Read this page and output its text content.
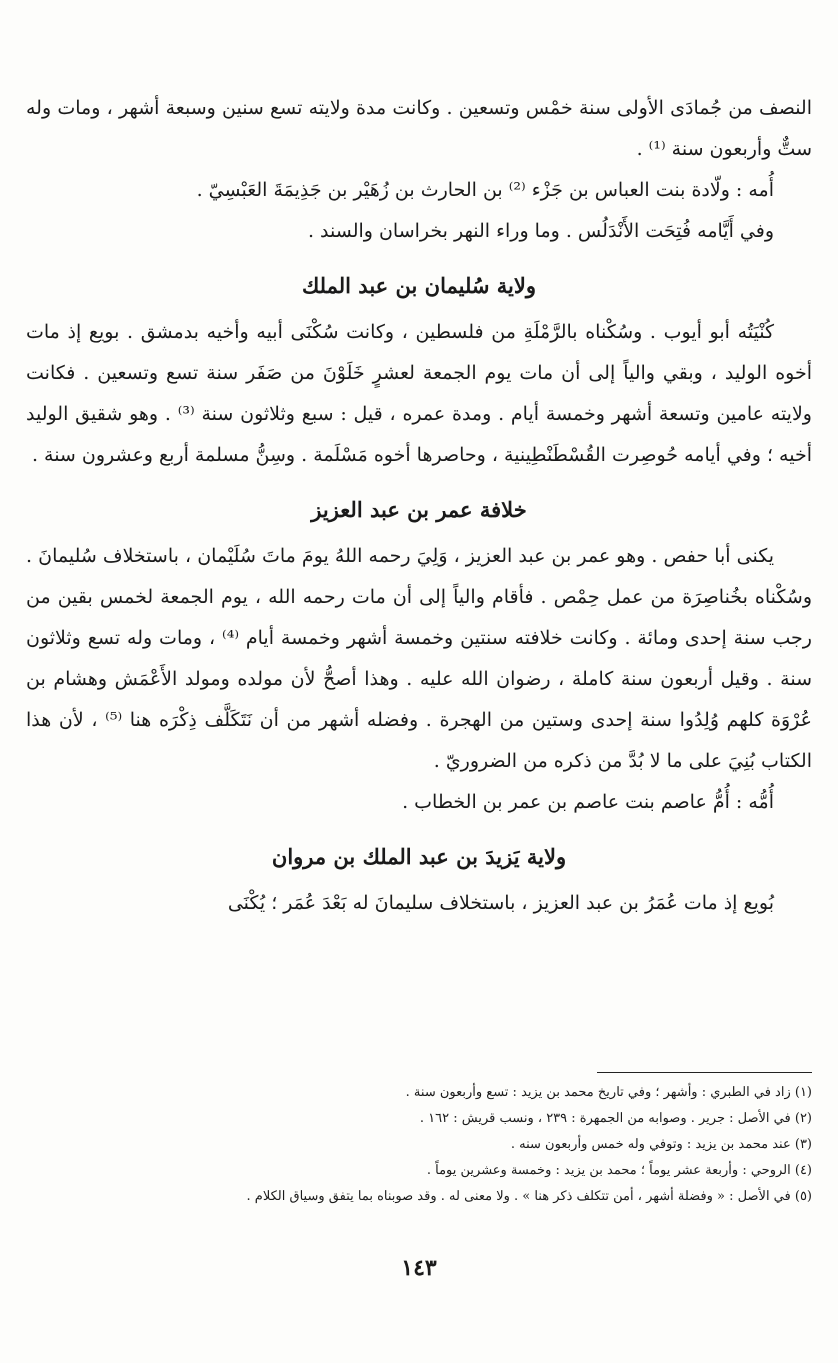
النصف من جُمادَى الأولى سنة خمْس وتسعين . وكانت مدة ولايته تسع سنين وسبعة أشهر ، ومات وله ستٌّ وأربعون سنة ⁽¹⁾ .

أُمه : ولّادة بنت العباس بن جَزْء ⁽²⁾ بن الحارث بن زُهَيْر بن جَذِيمَةَ العَبْسِيّ .

وفي أَيَّامه فُتِحَت الأَنْدَلُس . وما وراء النهر بخراسان والسند .

ولاية سُليمان بن عبد الملك

كُنْيَتُه أبو أيوب . وسُكْناه بالرَّمْلَةِ من فلسطين ، وكانت سُكْنَى أبيه وأخيه بدمشق . بويع إذ مات أخوه الوليد ، وبقي والياً إلى أن مات يوم الجمعة لعشرٍ خَلَوْنَ من صَفَر سنة تسع وتسعين . فكانت ولايته عامين وتسعة أشهر وخمسة أيام . ومدة عمره ، قيل : سبع وثلاثون سنة ⁽³⁾ . وهو شقيق الوليد أخيه ؛ وفي أيامه حُوصِرت القُسْطَنْطِينية ، وحاصرها أخوه مَسْلَمة . وسِنُّ مسلمة أربع وعشرون سنة .

خلافة عمر بن عبد العزيز

يكنى أبا حفص . وهو عمر بن عبد العزيز ، وَلِيَ رحمه اللهُ يومَ ماتَ سُلَيْمان ، باستخلاف سُليمانَ . وسُكْناه بخُناصِرَة من عمل حِمْص . فأقام والياً إلى أن مات رحمه الله ، يوم الجمعة لخمس بقين من رجب سنة إحدى ومائة . وكانت خلافته سنتين وخمسة أشهر وخمسة أيام ⁽⁴⁾ ، ومات وله تسع وثلاثون سنة . وقيل أربعون سنة كاملة ، رضوان الله عليه . وهذا أصحُّ لأن مولده ومولد الأَعْمَش وهشام بن عُرْوَة كلهم وُلِدُوا سنة إحدى وستين من الهجرة . وفضله أشهر من أن نَتَكَلَّف ذِكْرَه هنا ⁽⁵⁾ ، لأن هذا الكتاب بُنِيَ على ما لا بُدَّ من ذكره من الضروريّ .

أُمُّه : أُمُّ عاصم بنت عاصم بن عمر بن الخطاب .

ولاية يَزيدَ بن عبد الملك بن مروان

بُويع إذ مات عُمَرُ بن عبد العزيز ، باستخلاف سليمانَ له بَعْدَ عُمَر ؛ يُكْنَى

(١) زاد في الطبري : وأشهر ؛ وفي تاريخ محمد بن يزيد : تسع وأربعون سنة .

(٢) في الأصل : جرير . وصوابه من الجمهرة : ٢٣٩ ، ونسب قريش : ١٦٢ .

(٣) عند محمد بن يزيد : وتوفي وله خمس وأربعون سنه .

(٤) الروحي : وأربعة عشر يوماً ؛ محمد بن يزيد : وخمسة وعشرين يوماً .

(٥) في الأصل : « وفضلة أشهر ، أمن تتكلف ذكر هنا » . ولا معنى له . وقد صوبناه بما يتفق وسياق الكلام .

١٤٣
